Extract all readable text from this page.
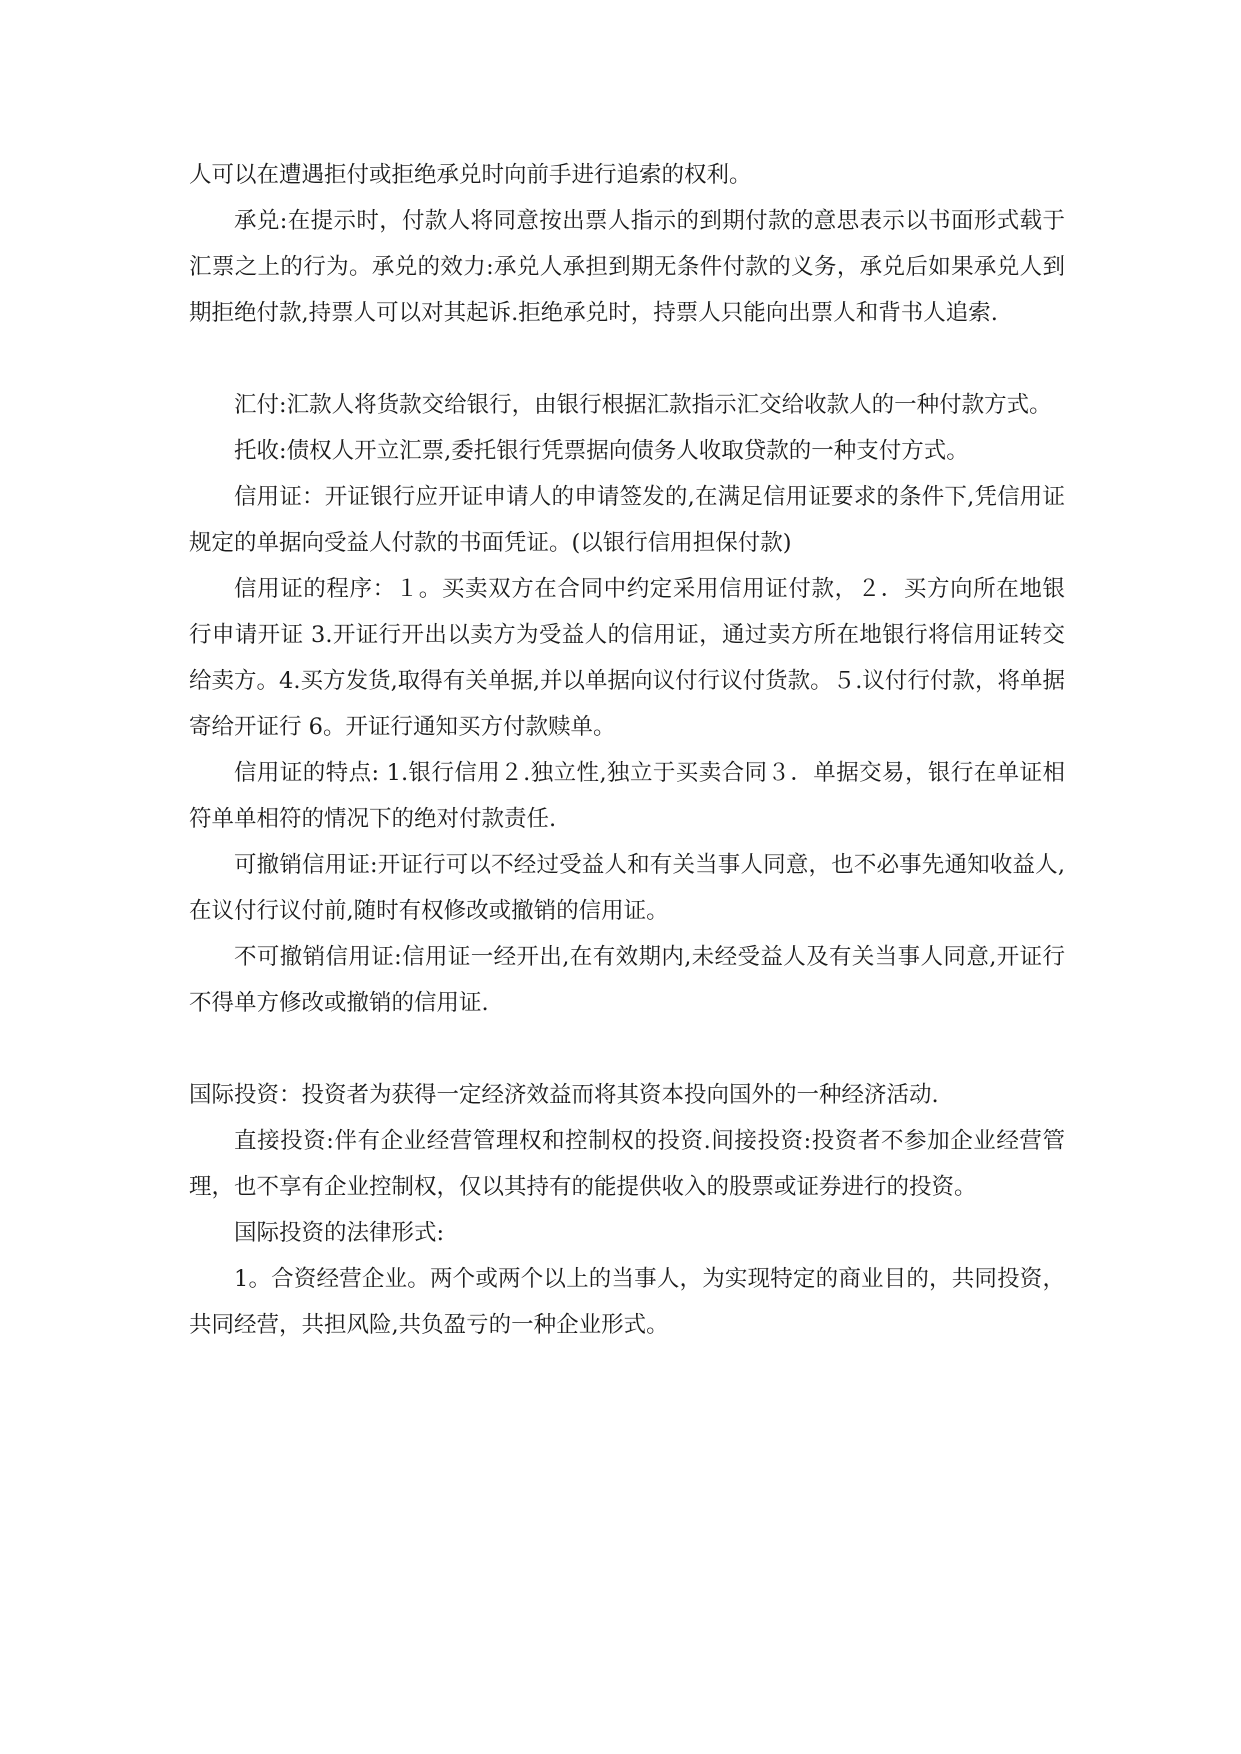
人可以在遭遇拒付或拒绝承兑时向前手进行追索的权利。

承兑:在提示时，付款人将同意按出票人指示的到期付款的意思表示以书面形式载于汇票之上的行为。承兑的效力:承兑人承担到期无条件付款的义务，承兑后如果承兑人到期拒绝付款,持票人可以对其起诉.拒绝承兑时，持票人只能向出票人和背书人追索.

汇付:汇款人将货款交给银行，由银行根据汇款指示汇交给收款人的一种付款方式。

托收:债权人开立汇票,委托银行凭票据向债务人收取贷款的一种支付方式。

信用证：开证银行应开证申请人的申请签发的,在满足信用证要求的条件下,凭信用证规定的单据向受益人付款的书面凭证。(以银行信用担保付款)

信用证的程序：１。买卖双方在合同中约定采用信用证付款，２．买方向所在地银行申请开证 3.开证行开出以卖方为受益人的信用证，通过卖方所在地银行将信用证转交给卖方。4.买方发货,取得有关单据,并以单据向议付行议付货款。５.议付行付款，将单据寄给开证行 6。开证行通知买方付款赎单。

信用证的特点: 1.银行信用２.独立性,独立于买卖合同３．单据交易，银行在单证相符单单相符的情况下的绝对付款责任.

可撤销信用证:开证行可以不经过受益人和有关当事人同意，也不必事先通知收益人,在议付行议付前,随时有权修改或撤销的信用证。

不可撤销信用证:信用证一经开出,在有效期内,未经受益人及有关当事人同意,开证行不得单方修改或撤销的信用证.

国际投资：投资者为获得一定经济效益而将其资本投向国外的一种经济活动.

直接投资:伴有企业经营管理权和控制权的投资.间接投资:投资者不参加企业经营管理，也不享有企业控制权，仅以其持有的能提供收入的股票或证券进行的投资。

国际投资的法律形式:

1。合资经营企业。两个或两个以上的当事人，为实现特定的商业目的，共同投资，共同经营，共担风险,共负盈亏的一种企业形式。
